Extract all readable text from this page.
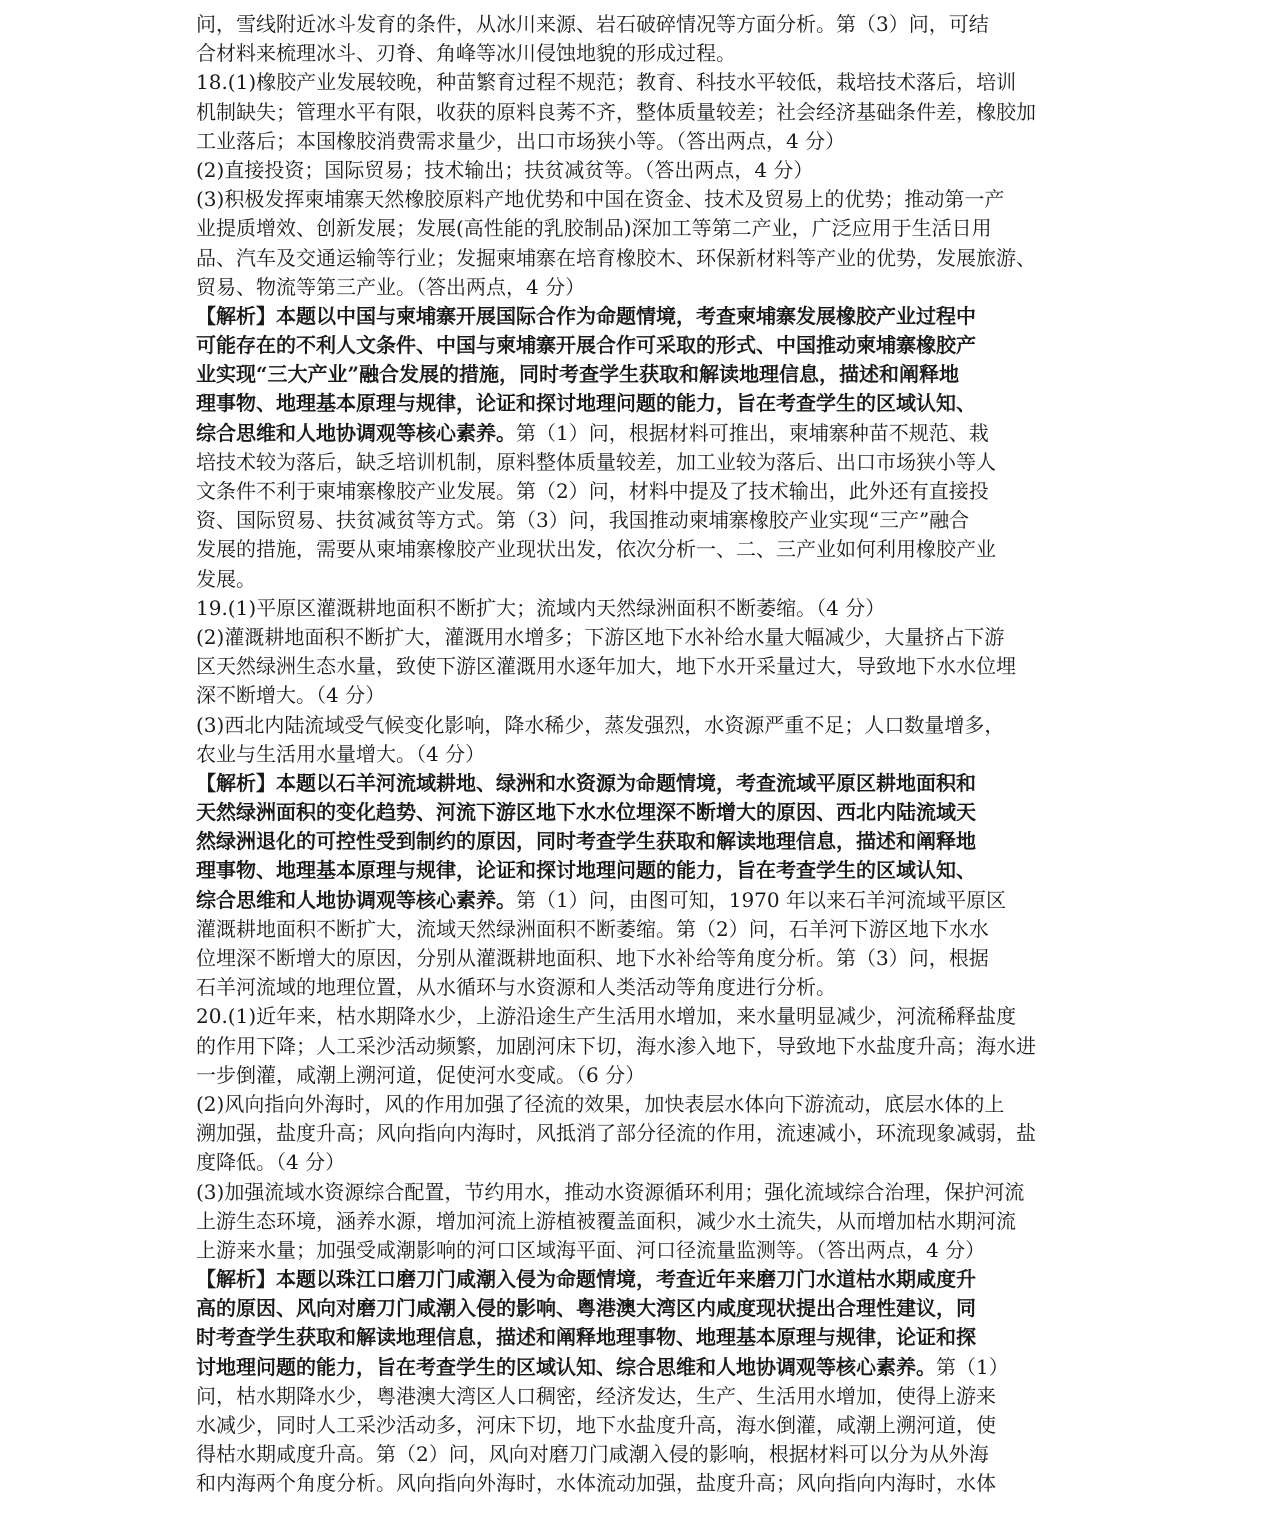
问，雪线附近冰斗发育的条件，从冰川来源、岩石破碎情况等方面分析。第（3）问，可结
合材料来梳理冰斗、刃脊、角峰等冰川侵蚀地貌的形成过程。
18.(1)橡胶产业发展较晚，种苗繁育过程不规范；教育、科技水平较低，栽培技术落后，培训
机制缺失；管理水平有限，收获的原料良莠不齐，整体质量较差；社会经济基础条件差，橡胶加
工业落后；本国橡胶消费需求量少，出口市场狭小等。（答出两点，4 分）
(2)直接投资；国际贸易；技术输出；扶贫减贫等。（答出两点，4 分）
(3)积极发挥柬埔寨天然橡胶原料产地优势和中国在资金、技术及贸易上的优势；推动第一产
业提质增效、创新发展；发展(高性能的乳胶制品)深加工等第二产业，广泛应用于生活日用
品、汽车及交通运输等行业；发掘柬埔寨在培育橡胶木、环保新材料等产业的优势，发展旅游、
贸易、物流等第三产业。（答出两点，4 分）
【解析】本题以中国与柬埔寨开展国际合作为命题情境，考查柬埔寨发展橡胶产业过程中
可能存在的不利人文条件、中国与柬埔寨开展合作可采取的形式、中国推动柬埔寨橡胶产
业实现“三大产业”融合发展的措施，同时考查学生获取和解读地理信息，描述和阐释地
理事物、地理基本原理与规律，论证和探讨地理问题的能力，旨在考查学生的区域认知、
综合思维和人地协调观等核心素养。第（1）问，根据材料可推出，柬埔寨种苗不规范、栽
培技术较为落后，缺乏培训机制，原料整体质量较差，加工业较为落后、出口市场狭小等人
文条件不利于柬埔寨橡胶产业发展。第（2）问，材料中提及了技术输出，此外还有直接投
资、国际贸易、扶贫减贫等方式。第（3）问，我国推动柬埔寨橡胶产业实现“三产”融合
发展的措施，需要从柬埔寨橡胶产业现状出发，依次分析一、二、三产业如何利用橡胶产业
发展。
19.(1)平原区灌溉耕地面积不断扩大；流域内天然绿洲面积不断萎缩。（4 分）
(2)灌溉耕地面积不断扩大，灌溉用水增多；下游区地下水补给水量大幅减少，大量挤占下游
区天然绿洲生态水量，致使下游区灌溉用水逐年加大，地下水开采量过大，导致地下水水位埋
深不断增大。（4 分）
(3)西北内陆流域受气候变化影响，降水稀少，蒸发强烈，水资源严重不足；人口数量增多，
农业与生活用水量增大。（4 分）
【解析】本题以石羊河流域耕地、绿洲和水资源为命题情境，考查流域平原区耕地面积和
天然绿洲面积的变化趋势、河流下游区地下水水位埋深不断增大的原因、西北内陆流域天
然绿洲退化的可控性受到制约的原因，同时考查学生获取和解读地理信息，描述和阐释地
理事物、地理基本原理与规律，论证和探讨地理问题的能力，旨在考查学生的区域认知、
综合思维和人地协调观等核心素养。第（1）问，由图可知，1970 年以来石羊河流域平原区
灌溉耕地面积不断扩大，流域天然绿洲面积不断萎缩。第（2）问，石羊河下游区地下水水
位埋深不断增大的原因，分别从灌溉耕地面积、地下水补给等角度分析。第（3）问，根据
石羊河流域的地理位置，从水循环与水资源和人类活动等角度进行分析。
20.(1)近年来，枯水期降水少，上游沿途生产生活用水增加，来水量明显减少，河流稀释盐度
的作用下降；人工采沙活动频繁，加剧河床下切，海水渗入地下，导致地下水盐度升高；海水进
一步倒灌，咸潮上溯河道，促使河水变咸。（6 分）
(2)风向指向外海时，风的作用加强了径流的效果，加快表层水体向下游流动，底层水体的上
溯加强，盐度升高；风向指向内海时，风抵消了部分径流的作用，流速减小，环流现象减弱，盐
度降低。（4 分）
(3)加强流域水资源综合配置，节约用水，推动水资源循环利用；强化流域综合治理，保护河流
上游生态环境，涵养水源，增加河流上游植被覆盖面积，减少水土流失，从而增加枯水期河流
上游来水量；加强受咸潮影响的河口区域海平面、河口径流量监测等。（答出两点，4 分）
【解析】本题以珠江口磨刀门咸潮入侵为命题情境，考查近年来磨刀门水道枯水期咸度升
高的原因、风向对磨刀门咸潮入侵的影响、粤港澳大湾区内咸度现状提出合理性建议，同
时考查学生获取和解读地理信息，描述和阐释地理事物、地理基本原理与规律，论证和探
讨地理问题的能力，旨在考查学生的区域认知、综合思维和人地协调观等核心素养。第（1）
问，枯水期降水少，粤港澳大湾区人口稠密，经济发达，生产、生活用水增加，使得上游来
水减少，同时人工采沙活动多，河床下切，地下水盐度升高，海水倒灌，咸潮上溯河道，使
得枯水期咸度升高。第（2）问，风向对磨刀门咸潮入侵的影响，根据材料可以分为从外海
和内海两个角度分析。风向指向外海时，水体流动加强，盐度升高；风向指向内海时，水体
